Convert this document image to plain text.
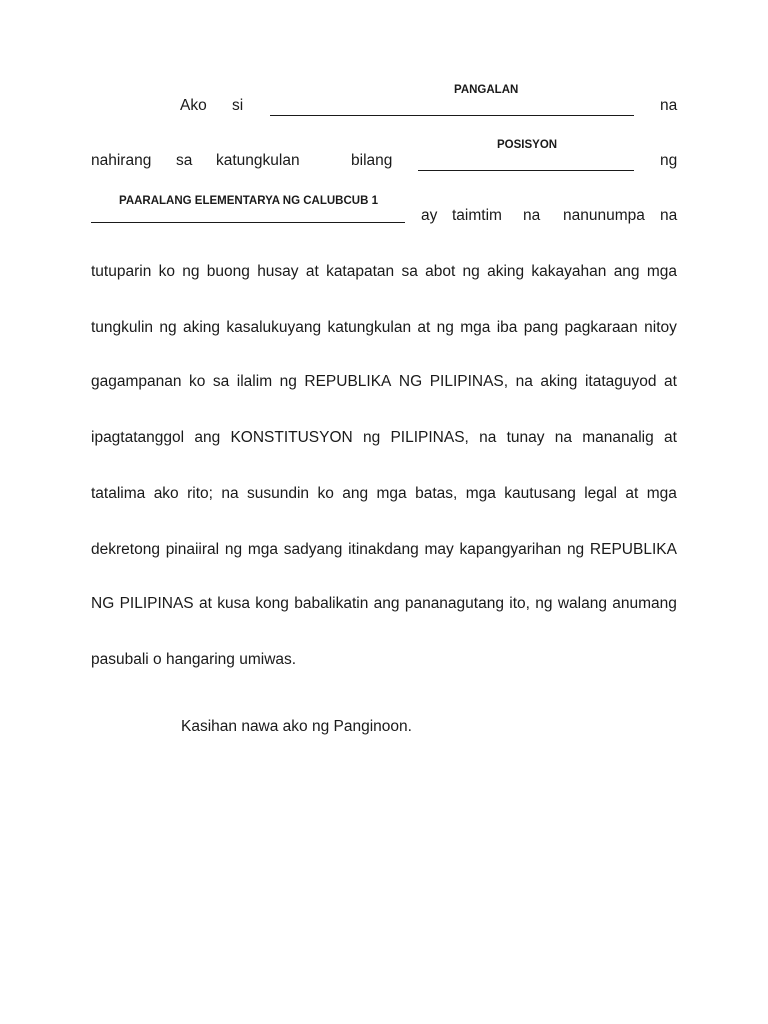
PANGALAN
Ako si	na
POSISYON
nahirang sa katungkulan	bilang	ng
PAARALANG ELEMENTARYA NG CALUBCUB 1
ay taimtim na nanunumpa na
tutuparin ko ng buong husay at katapatan sa abot ng aking kakayahan ang mga
tungkulin ng aking kasalukuyang katungkulan at ng mga iba pang pagkaraan nitoy
gagampanan ko sa ilalim ng REPUBLIKA NG PILIPINAS, na aking itataguyod at
ipagtatanggol ang KONSTITUSYON ng PILIPINAS, na tunay na mananalig at
tatalima ako rito; na susundin ko ang mga batas, mga kautusang legal at mga
dekretong pinaiiral ng mga sadyang itinakdang may kapangyarihan ng REPUBLIKA
NG PILIPINAS at kusa kong babalikatin ang pananagutang ito, ng walang anumang
pasubali o hangaring umiwas.
Kasihan nawa ako ng Panginoon.
